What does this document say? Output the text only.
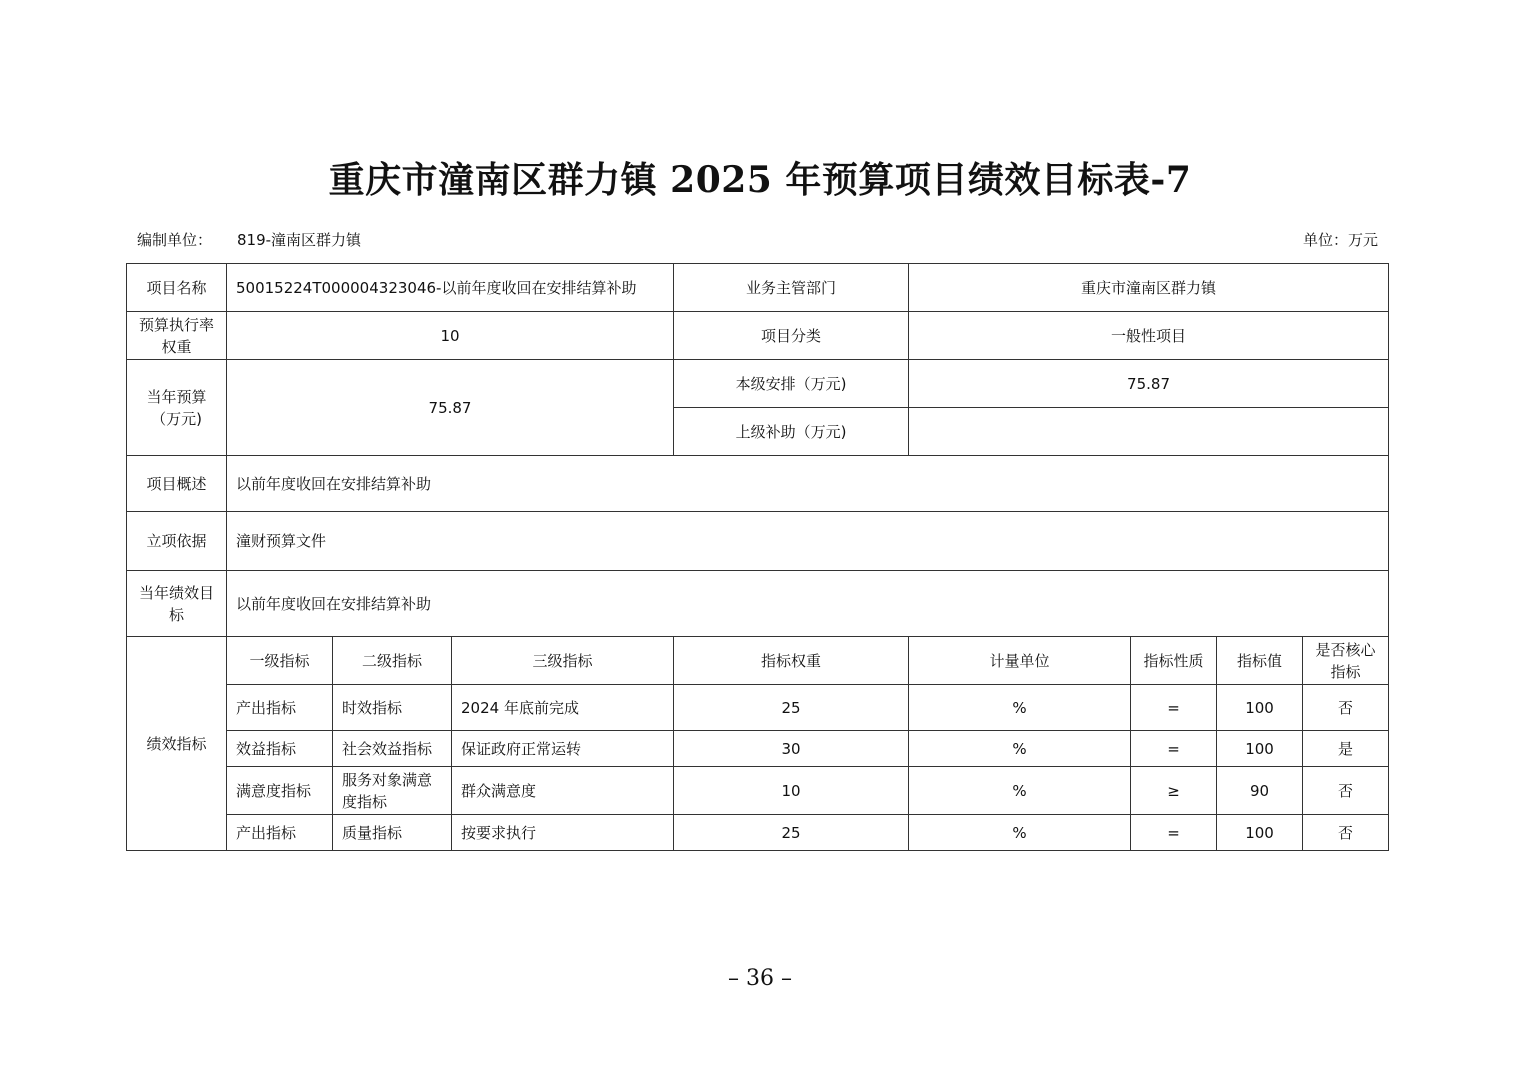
重庆市潼南区群力镇 2025 年预算项目绩效目标表-7
编制单位： 819-潼南区群力镇	单位：万元
项目名称	50015224T000004323046-以前年度收回在安排结算补助			业务主管部门	重庆市潼南区群力镇			
预算执行率权重	10			项目分类	一般性项目			
当年预算（万元)	75.87			本级安排（万元)	75.87			
				上级补助（万元)				
项目概述	以前年度收回在安排结算补助							
立项依据	潼财预算文件							
当年绩效目标	以前年度收回在安排结算补助							
绩效指标	一级指标	二级指标	三级指标	指标权重	计量单位	指标性质	指标值	是否核心指标
	产出指标	时效指标	2024 年底前完成	25	%	=	100	否
	效益指标	社会效益指标	保证政府正常运转	30	%	=	100	是
	满意度指标	服务对象满意度指标	群众满意度	10	%	≥	90	否
	产出指标	质量指标	按要求执行	25	%	=	100	否
– 36 –
